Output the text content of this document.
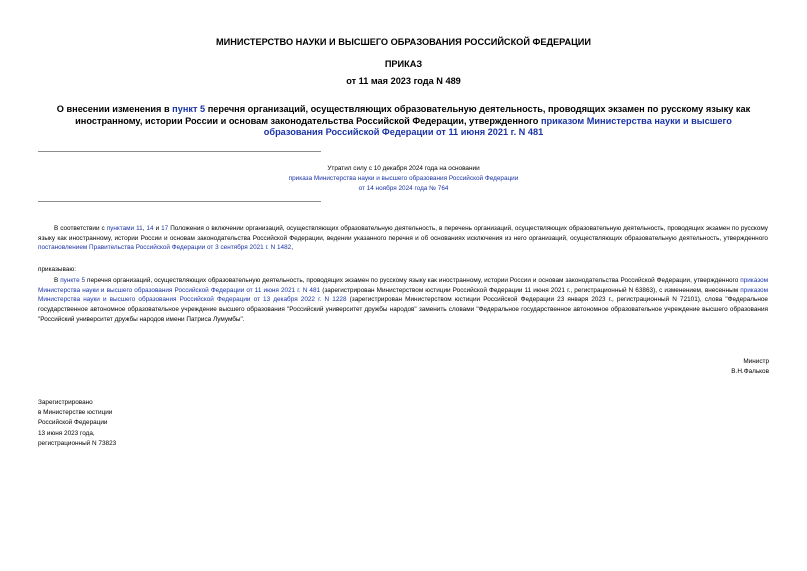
МИНИСТЕРСТВО НАУКИ И ВЫСШЕГО ОБРАЗОВАНИЯ РОССИЙСКОЙ ФЕДЕРАЦИИ
ПРИКАЗ
от 11 мая 2023 года N 489
О внесении изменения в пункт 5 перечня организаций, осуществляющих образовательную деятельность, проводящих экзамен по русскому языку как иностранному, истории России и основам законодательства Российской Федерации, утвержденного приказом Министерства науки и высшего образования Российской Федерации от 11 июня 2021 г. N 481
Утратил силу с 10 декабря 2024 года на основании
приказа Министерства науки и высшего образования Российской Федерации
от 14 ноября 2024 года № 764
В соответствии с пунктами 11, 14 и 17 Положения о включении организаций, осуществляющих образовательную деятельность, в перечень организаций, осуществляющих образовательную деятельность, проводящих экзамен по русскому языку как иностранному, истории России и основам законодательства Российской Федерации, ведении указанного перечня и об основаниях исключения из него организаций, осуществляющих образовательную деятельность, утвержденного постановлением Правительства Российской Федерации от 3 сентября 2021 г. N 1482,
приказываю:
В пункте 5 перечня организаций, осуществляющих образовательную деятельность, проводящих экзамен по русскому языку как иностранному, истории России и основам законодательства Российской Федерации, утвержденного приказом Министерства науки и высшего образования Российской Федерации от 11 июня 2021 г. N 481 (зарегистрирован Министерством юстиции Российской Федерации 11 июня 2021 г., регистрационный N 63863), с изменением, внесенным приказом Министерства науки и высшего образования Российской Федерации от 13 декабря 2022 г. N 1228 (зарегистрирован Министерством юстиции Российской Федерации 23 января 2023 г., регистрационный N 72101), слова "Федеральное государственное автономное образовательное учреждение высшего образования "Российский университет дружбы народов" заменить словами "Федеральное государственное автономное образовательное учреждение высшего образования "Российский университет дружбы народов имени Патриса Лумумбы".
Министр
В.Н.Фальков
Зарегистрировано
в Министерстве юстиции
Российской Федерации
13 июня 2023 года,
регистрационный N 73823
